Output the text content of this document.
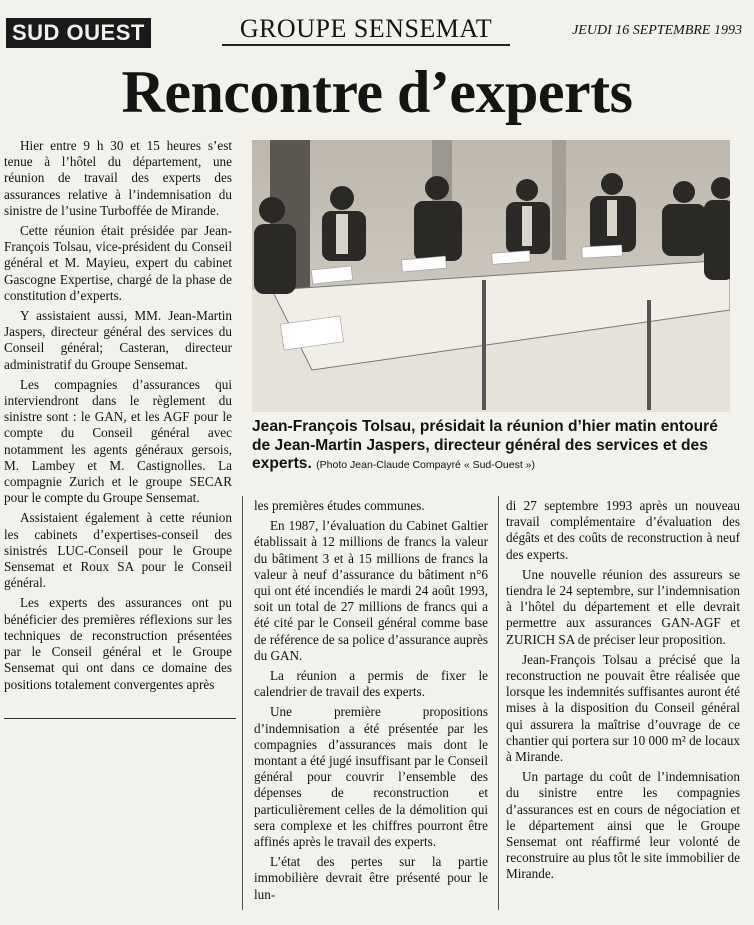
SUD OUEST	GROUPE SENSEMAT	JEUDI 16 SEPTEMBRE 1993
Rencontre d’experts

Hier entre 9 h 30 et 15 heures s’est tenue à l’hôtel du département, une réunion de travail des experts des assurances relative à l’indemnisation du sinistre de l’usine Turboffée de Mirande.

Cette réunion était présidée par Jean-François Tolsau, vice-président du Conseil général et M. Mayieu, expert du cabinet Gascogne Expertise, chargé de la phase de constitution d’experts.

Y assistaient aussi, MM. Jean-Martin Jaspers, directeur général des services du Conseil général; Casteran, directeur administratif du Groupe Sensemat.

Les compagnies d’assurances qui interviendront dans le règlement du sinistre sont : le GAN, et les AGF pour le compte du Conseil général avec notamment les agents généraux gersois, M. Lambey et M. Castignolles. La compagnie Zurich et le groupe SECAR pour le compte du Groupe Sensemat.

Assistaient également à cette réunion les cabinets d’expertises-conseil des sinistrés LUC-Conseil pour le Groupe Sensemat et Roux SA pour le Conseil général.

Les experts des assurances ont pu bénéficier des premières réflexions sur les techniques de reconstruction présentées par le Conseil général et le Groupe Sensemat qui ont dans ce domaine des positions totalement convergentes après

Jean-François Tolsau, présidait la réunion d’hier matin entouré de Jean-Martin Jaspers, directeur général des services et des experts. (Photo Jean-Claude Compayré « Sud-Ouest »)

les premières études communes.

En 1987, l’évaluation du Cabinet Galtier établissait à 12 millions de francs la valeur du bâtiment 3 et à 15 millions de francs la valeur à neuf d’assurance du bâtiment n°6 qui ont été incendiés le mardi 24 août 1993, soit un total de 27 millions de francs qui a été cité par le Conseil général comme base de référence de sa police d’assurance auprès du GAN.

La réunion a permis de fixer le calendrier de travail des experts.

Une première propositions d’indemnisation a été présentée par les compagnies d’assurances mais dont le montant a été jugé insuffisant par le Conseil général pour couvrir l’ensemble des dépenses de reconstruction et particulièrement celles de la démolition qui sera complexe et les chiffres pourront être affinés après le travail des experts.

L’état des pertes sur la partie immobilière devrait être présenté pour le lun-

di 27 septembre 1993 après un nouveau travail complémentaire d’évaluation des dégâts et des coûts de reconstruction à neuf des experts.

Une nouvelle réunion des assureurs se tiendra le 24 septembre, sur l’indemnisation à l’hôtel du département et elle devrait permettre aux assurances GAN-AGF et ZURICH SA de préciser leur proposition.

Jean-François Tolsau a précisé que la reconstruction ne pouvait être réalisée que lorsque les indemnités suffisantes auront été mises à la disposition du Conseil général qui assurera la maîtrise d’ouvrage de ce chantier qui portera sur 10 000 m² de locaux à Mirande.

Un partage du coût de l’indemnisation du sinistre entre les compagnies d’assurances est en cours de négociation et le département ainsi que le Groupe Sensemat ont réaffirmé leur volonté de reconstruire au plus tôt le site immobilier de Mirande.
